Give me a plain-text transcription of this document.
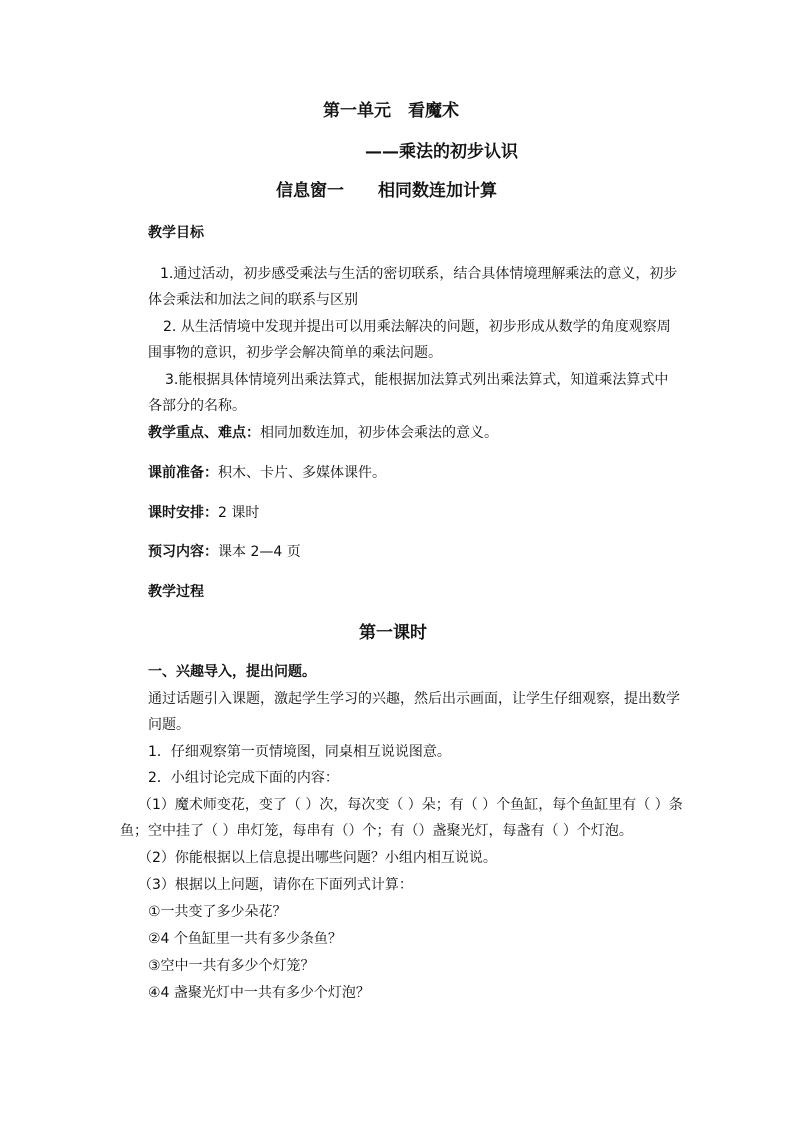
第一单元　看魔术
——乘法的初步认识
信息窗一　　相同数连加计算
教学目标
1.通过活动，初步感受乘法与生活的密切联系，结合具体情境理解乘法的意义，初步
体会乘法和加法之间的联系与区别
2. 从生活情境中发现并提出可以用乘法解决的问题，初步形成从数学的角度观察周
围事物的意识，初步学会解决简单的乘法问题。
3.能根据具体情境列出乘法算式，能根据加法算式列出乘法算式，知道乘法算式中
各部分的名称。
教学重点、难点：相同加数连加，初步体会乘法的意义。
课前准备：积木、卡片、多媒体课件。
课时安排：2 课时
预习内容：课本 2—4 页
教学过程
第一课时
一、兴趣导入，提出问题。
通过话题引入课题，激起学生学习的兴趣，然后出示画面，让学生仔细观察，提出数学
问题。
1．仔细观察第一页情境图，同桌相互说说图意。
2．小组讨论完成下面的内容：
（1）魔术师变花，变了（ ）次，每次变（ ）朵；有（ ）个鱼缸，每个鱼缸里有（ ）条
鱼；空中挂了（ ）串灯笼，每串有（）个；有（）盏聚光灯，每盏有（ ）个灯泡。
（2）你能根据以上信息提出哪些问题？小组内相互说说。
（3）根据以上问题，请你在下面列式计算：
①一共变了多少朵花？
②4 个鱼缸里一共有多少条鱼？
③空中一共有多少个灯笼？
④4 盏聚光灯中一共有多少个灯泡？
